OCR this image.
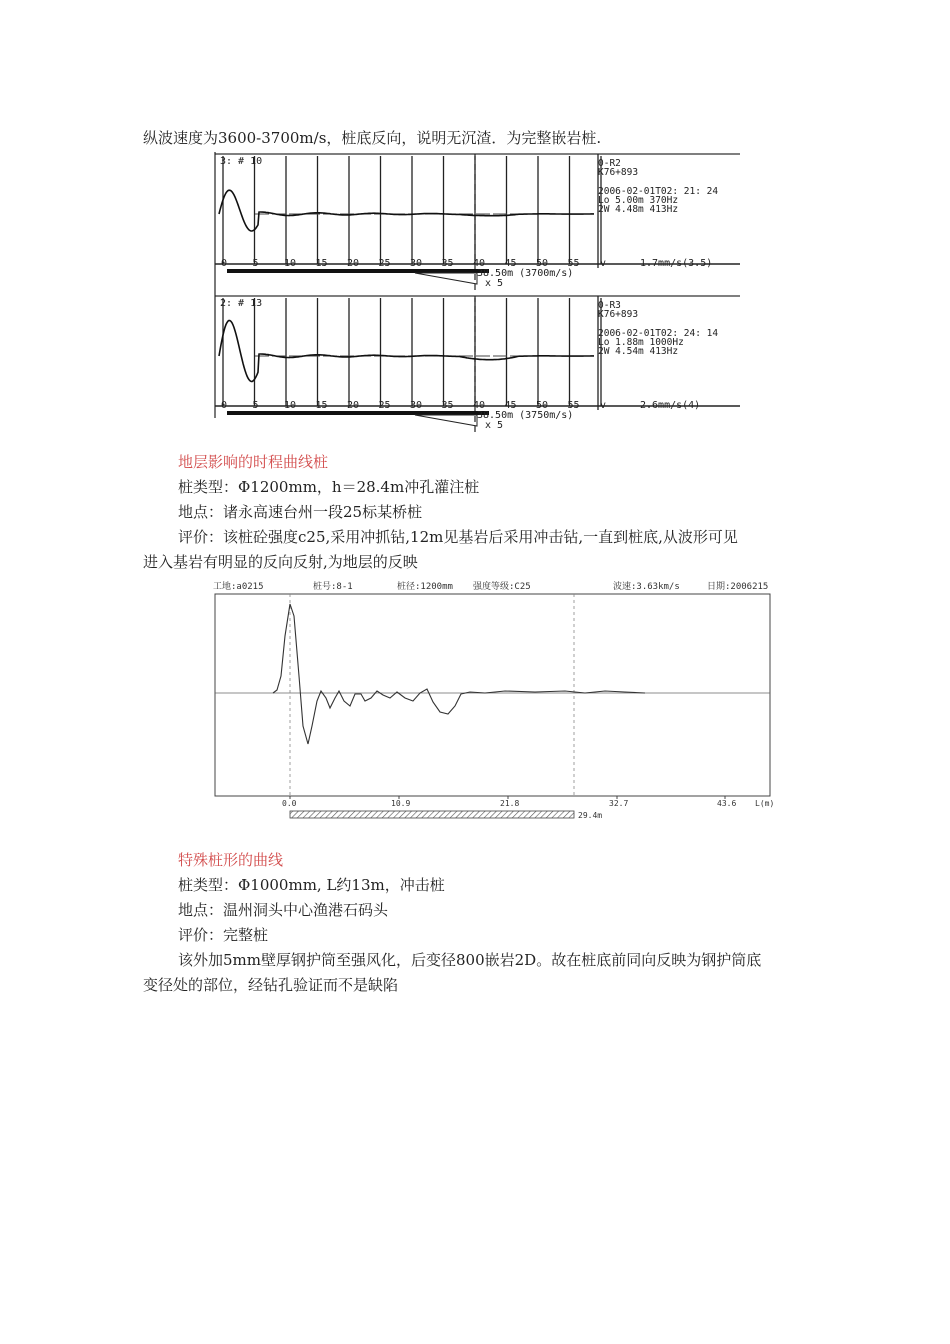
纵波速度为3600-3700m/s，桩底反向，说明无沉渣．为完整嵌岩桩.
3: # 10
0	5	10 15 20 25 30 35 40 45 50 55
38.50m (3700m/s)
x 5
v	1.7mm/s(3.5)
0-R2
K76+893
2006-02-01T02: 21: 24
Lo 5.00m 370Hz
2W 4.48m 413Hz
2: # 13
0	5	10 15 20 25 30 35 40 45 50 55
38.50m (3750m/s)
x 5
v	2.6mm/s(4)
0-R3
K76+893
2006-02-01T02: 24: 14
Lo 1.88m 1000Hz
2W 4.54m 413Hz
地层影响的时程曲线桩
桩类型：Φ1200mm，h＝28.4m冲孔灌注桩
地点：诸永高速台州一段25标某桥桩
评价：该桩砼强度c25,采用冲抓钻,12m见基岩后采用冲击钻,一直到桩底,从波形可见
进入基岩有明显的反向反射,为地层的反映
工地:a0215	桩号:8-1	桩径:1200mm 强度等级:C25	波速:3.63km/s	日期:2006215
0.0	10.9	21.8	32.7	43.6 L(m)
29.4m
特殊桩形的曲线
桩类型：Φ1000mm, L约13m，冲击桩
地点：温州洞头中心渔港石码头
评价：完整桩
该外加5mm壁厚钢护筒至强风化，后变径800嵌岩2D。故在桩底前同向反映为钢护筒底
变径处的部位，经钻孔验证而不是缺陷
